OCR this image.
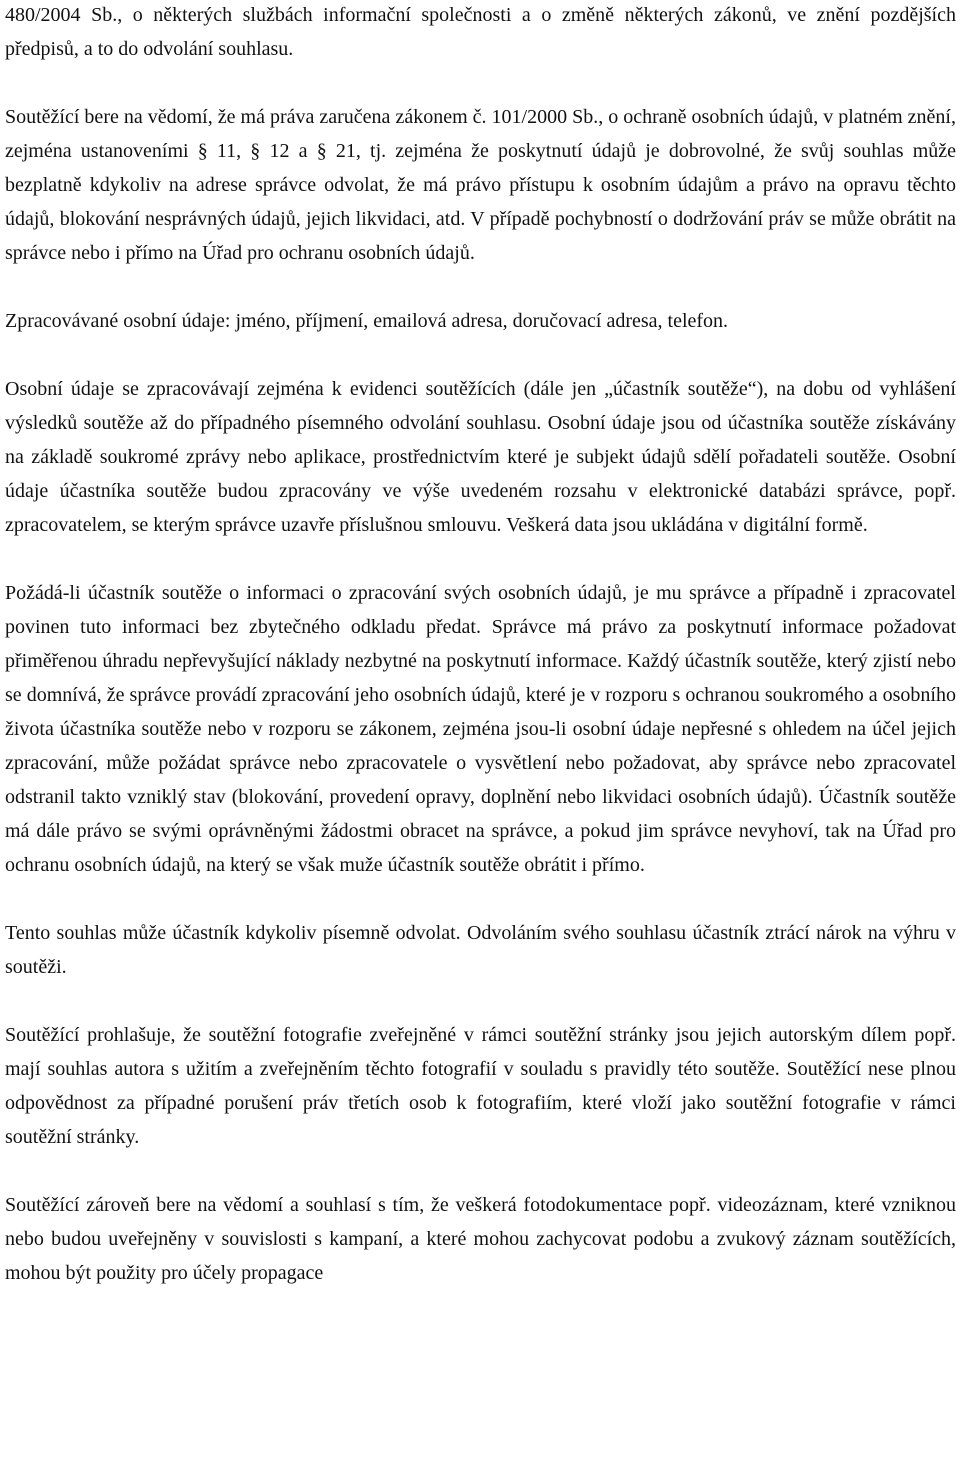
480/2004 Sb., o některých službách informační společnosti a o změně některých zákonů, ve znění pozdějších předpisů, a to do odvolání souhlasu.

Soutěžící bere na vědomí, že má práva zaručena zákonem č. 101/2000 Sb., o ochraně osobních údajů, v platném znění, zejména ustanoveními § 11, § 12 a § 21, tj. zejména že poskytnutí údajů je dobrovolné, že svůj souhlas může bezplatně kdykoliv na adrese správce odvolat, že má právo přístupu k osobním údajům a právo na opravu těchto údajů, blokování nesprávných údajů, jejich likvidaci, atd. V případě pochybností o dodržování práv se může obrátit na správce nebo i přímo na Úřad pro ochranu osobních údajů.

Zpracovávané osobní údaje: jméno, příjmení, emailová adresa, doručovací adresa, telefon.

Osobní údaje se zpracovávají zejména k evidenci soutěžících (dále jen „účastník soutěže“), na dobu od vyhlášení výsledků soutěže až do případného písemného odvolání souhlasu. Osobní údaje jsou od účastníka soutěže získávány na základě soukromé zprávy nebo aplikace, prostřednictvím které je subjekt údajů sdělí pořadateli soutěže. Osobní údaje účastníka soutěže budou zpracovány ve výše uvedeném rozsahu v elektronické databázi správce, popř. zpracovatelem, se kterým správce uzavře příslušnou smlouvu. Veškerá data jsou ukládána v digitální formě.

Požádá-li účastník soutěže o informaci o zpracování svých osobních údajů, je mu správce a případně i zpracovatel povinen tuto informaci bez zbytečného odkladu předat. Správce má právo za poskytnutí informace požadovat přiměřenou úhradu nepřevyšující náklady nezbytné na poskytnutí informace. Každý účastník soutěže, který zjistí nebo se domnívá, že správce provádí zpracování jeho osobních údajů, které je v rozporu s ochranou soukromého a osobního života účastníka soutěže nebo v rozporu se zákonem, zejména jsou-li osobní údaje nepřesné s ohledem na účel jejich zpracování, může požádat správce nebo zpracovatele o vysvětlení nebo požadovat, aby správce nebo zpracovatel odstranil takto vzniklý stav (blokování, provedení opravy, doplnění nebo likvidaci osobních údajů). Účastník soutěže má dále právo se svými oprávněnými žádostmi obracet na správce, a pokud jim správce nevyhoví, tak na Úřad pro ochranu osobních údajů, na který se však muže účastník soutěže obrátit i přímo.

Tento souhlas může účastník kdykoliv písemně odvolat. Odvoláním svého souhlasu účastník ztrácí nárok na výhru v soutěži.

Soutěžící prohlašuje, že soutěžní fotografie zveřejněné v rámci soutěžní stránky jsou jejich autorským dílem popř. mají souhlas autora s užitím a zveřejněním těchto fotografií v souladu s pravidly této soutěže. Soutěžící nese plnou odpovědnost za případné porušení práv třetích osob k fotografiím, které vloží jako soutěžní fotografie v rámci soutěžní stránky.

Soutěžící zároveň bere na vědomí a souhlasí s tím, že veškerá fotodokumentace popř. videozáznam, které vzniknou nebo budou uveřejněny v souvislosti s kampaní, a které mohou zachycovat podobu a zvukový záznam soutěžících, mohou být použity pro účely propagace
